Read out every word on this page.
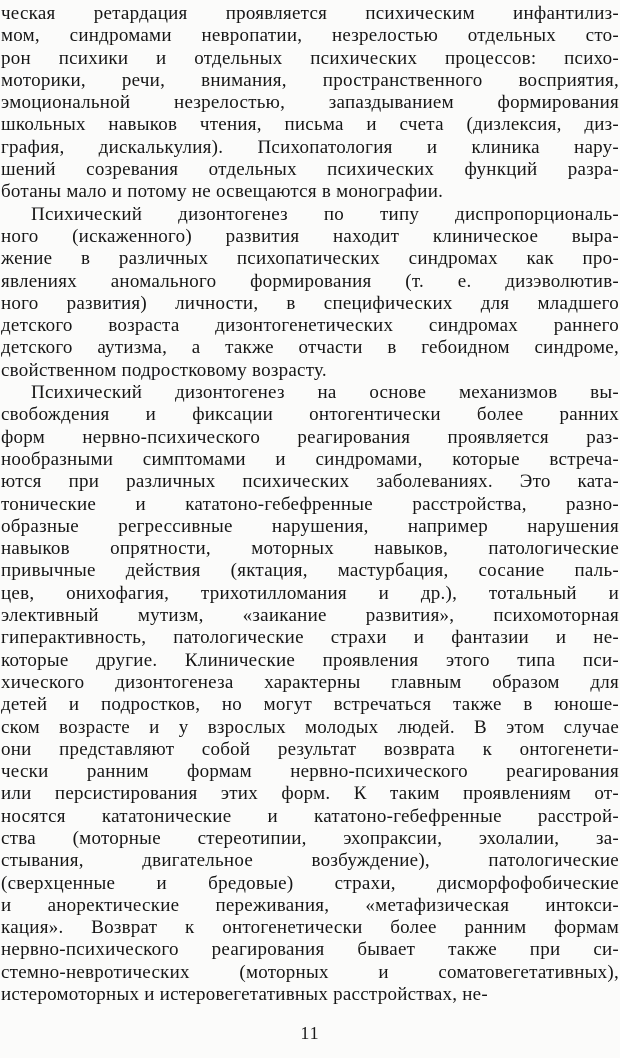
ческая ретардация проявляется психическим инфантилиз-
мом, синдромами невропатии, незрелостью отдельных сто-
рон психики и отдельных психических процессов: психо-
моторики, речи, внимания, пространственного восприятия,
эмоциональной незрелостью, запаздыванием формирования
школьных навыков чтения, письма и счета (дизлексия, диз-
графия, дискалькулия). Психопатология и клиника нару-
шений созревания отдельных психических функций разра-
ботаны мало и потому не освещаются в монографии.
Психический дизонтогенез по типу диспропорциональ-
ного (искаженного) развития находит клиническое выра-
жение в различных психопатических синдромах как про-
явлениях аномального формирования (т. е. дизэволютив-
ного развития) личности, в специфических для младшего
детского возраста дизонтогенетических синдромах раннего
детского аутизма, а также отчасти в гебоидном синдроме,
свойственном подростковому возрасту.
Психический дизонтогенез на основе механизмов вы-
свобождения и фиксации онтогентически более ранних
форм нервно-психического реагирования проявляется раз-
нообразными симптомами и синдромами, которые встреча-
ются при различных психических заболеваниях. Это ката-
тонические и кататоно-гебефренные расстройства, разно-
образные регрессивные нарушения, например нарушения
навыков опрятности, моторных навыков, патологические
привычные действия (яктация, мастурбация, сосание паль-
цев, онихофагия, трихотилломания и др.), тотальный и
элективный мутизм, «заикание развития», психомоторная
гиперактивность, патологические страхи и фантазии и не-
которые другие. Клинические проявления этого типа пси-
хического дизонтогенеза характерны главным образом для
детей и подростков, но могут встречаться также в юноше-
ском возрасте и у взрослых молодых людей. В этом случае
они представляют собой результат возврата к онтогенети-
чески ранним формам нервно-психического реагирования
или персистирования этих форм. К таким проявлениям от-
носятся кататонические и кататоно-гебефренные расстрой-
ства (моторные стереотипии, эхопраксии, эхолалии, за-
стывания, двигательное возбуждение), патологические
(сверхценные и бредовые) страхи, дисморфофобические
и аноректические переживания, «метафизическая интокси-
кация». Возврат к онтогенетически более ранним формам
нервно-психического реагирования бывает также при си-
стемно-невротических (моторных и соматовегетативных),
истеромоторных и истеровегетативных расстройствах, не-
11
